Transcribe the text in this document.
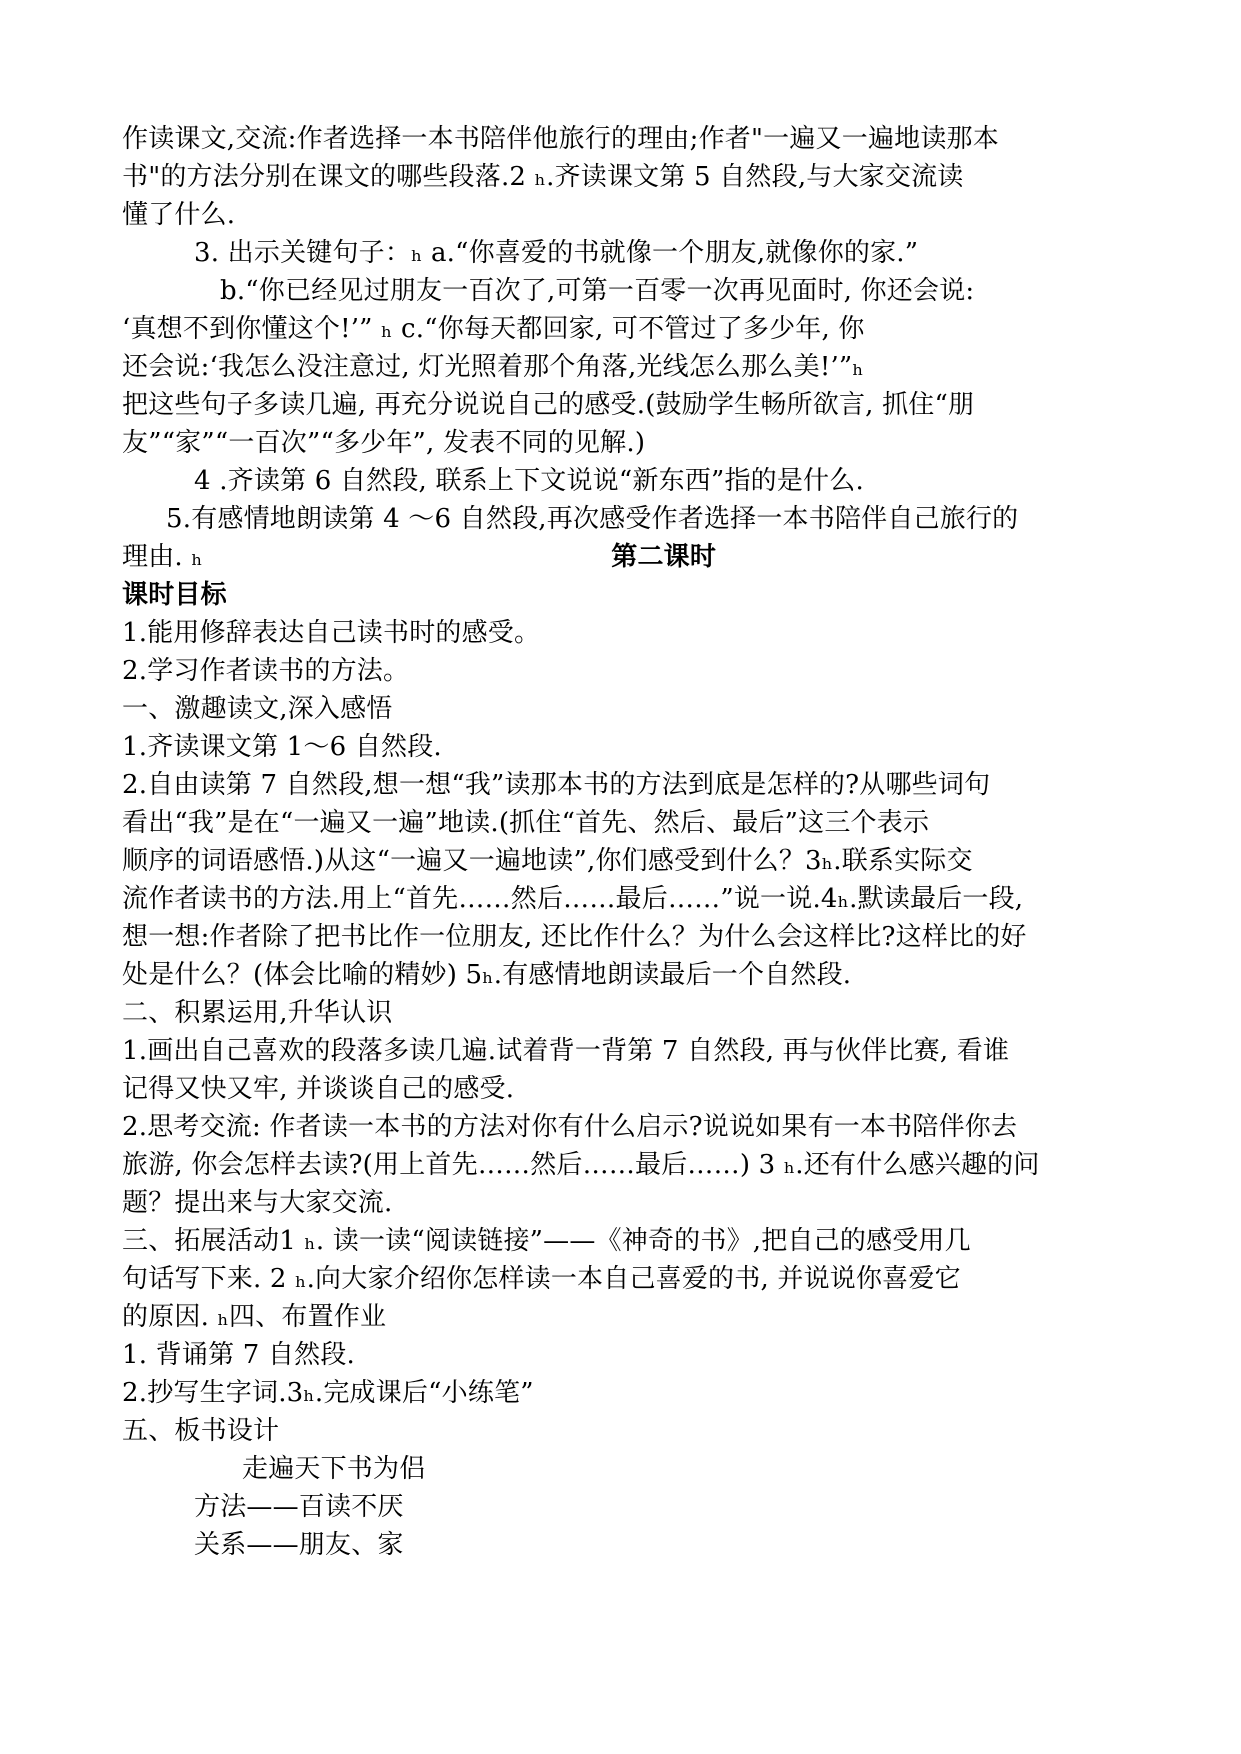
作读课文,交流:作者选择一本书陪伴他旅行的理由;作者"一遍又一遍地读那本
书"的方法分别在课文的哪些段落.2 ₕ.齐读课文第 5 自然段,与大家交流读
懂了什么.
3. 出示关键句子：ₕ a.“你喜爱的书就像一个朋友,就像你的家.”
b.“你已经见过朋友一百次了,可第一百零一次再见面时, 你还会说:
‘真想不到你懂这个!’” ₕ c.“你每天都回家, 可不管过了多少年, 你
还会说:‘我怎么没注意过, 灯光照着那个角落,光线怎么那么美!’”ₕ
把这些句子多读几遍, 再充分说说自己的感受.(鼓励学生畅所欲言, 抓住“朋
友”“家”“一百次”“多少年”, 发表不同的见解.)
4 .齐读第 6 自然段, 联系上下文说说“新东西”指的是什么.
5.有感情地朗读第 4 ～6 自然段,再次感受作者选择一本书陪伴自己旅行的
理由. ₕ	第二课时
课时目标
1.能用修辞表达自己读书时的感受。
2.学习作者读书的方法。
一、激趣读文,深入感悟
1.齐读课文第 1～6 自然段.
2.自由读第 7 自然段,想一想“我”读那本书的方法到底是怎样的?从哪些词句
看出“我”是在“一遍又一遍”地读.(抓住“首先、然后、最后”这三个表示
顺序的词语感悟.)从这“一遍又一遍地读”,你们感受到什么？3ₕ.联系实际交
流作者读书的方法.用上“首先……然后……最后……”说一说.4ₕ.默读最后一段,
想一想:作者除了把书比作一位朋友, 还比作什么？为什么会这样比?这样比的好
处是什么？(体会比喻的精妙) 5ₕ.有感情地朗读最后一个自然段.
二、积累运用,升华认识
1.画出自己喜欢的段落多读几遍.试着背一背第 7 自然段, 再与伙伴比赛, 看谁
记得又快又牢, 并谈谈自己的感受.
2.思考交流: 作者读一本书的方法对你有什么启示?说说如果有一本书陪伴你去
旅游, 你会怎样去读?(用上首先……然后……最后……) 3 ₕ.还有什么感兴趣的问
题？提出来与大家交流.
三、拓展活动1 ₕ. 读一读“阅读链接”——《神奇的书》,把自己的感受用几
句话写下来. 2 ₕ.向大家介绍你怎样读一本自己喜爱的书, 并说说你喜爱它
的原因. ₕ四、布置作业
1. 背诵第 7 自然段.
2.抄写生字词.3ₕ.完成课后“小练笔”
五、板书设计
走遍天下书为侣
方法——百读不厌
关系——朋友、家
